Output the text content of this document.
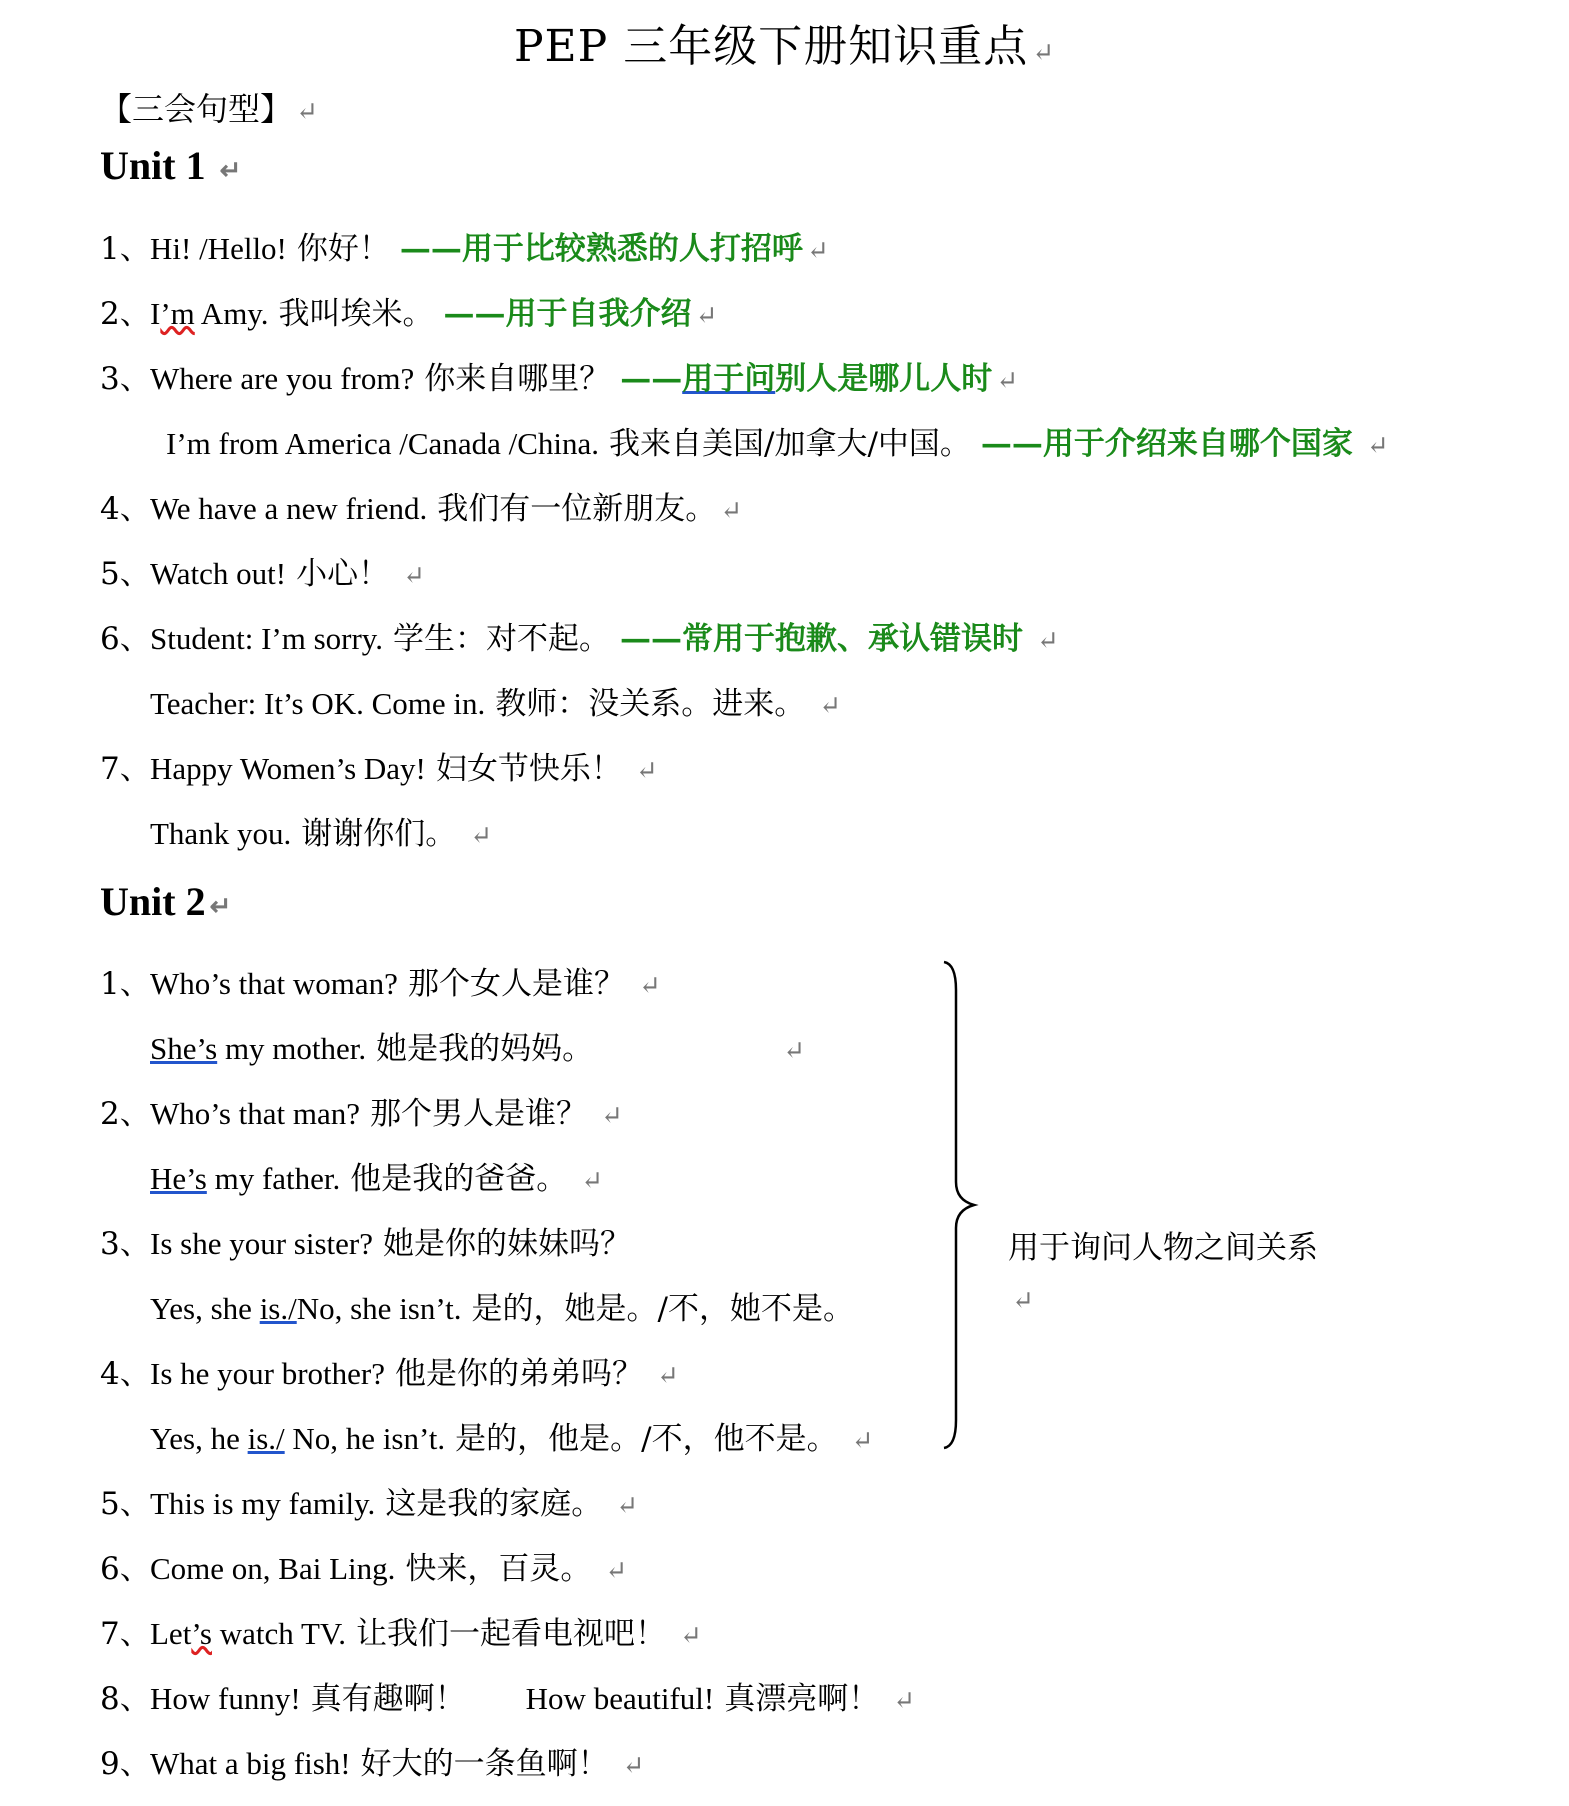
PEP 三年级下册知识重点 ↵
【三会句型】 ↵
Unit 1 ↵
1、Hi! /Hello! 你好！ ——用于比较熟悉的人打招呼 ↵
2、I’m Amy. 我叫埃米。 ——用于自我介绍 ↵
3、Where are you from? 你来自哪里？ ——用于问别人是哪儿人时 ↵
I’m from America /Canada /China. 我来自美国/加拿大/中国。 ——用于介绍来自哪个国家 ↵
4、We have a new friend. 我们有一位新朋友。 ↵
5、Watch out! 小心！ ↵
6、Student: I’m sorry. 学生：对不起。 ——常用于抱歉、承认错误时 ↵
Teacher: It’s OK. Come in. 教师：没关系。进来。 ↵
7、Happy Women’s Day! 妇女节快乐！ ↵
Thank you. 谢谢你们。 ↵
Unit 2 ↵
1、Who’s that woman? 那个女人是谁？ ↵
She’s my mother. 她是我的妈妈。	↵
2、Who’s that man? 那个男人是谁？ ↵
He’s my father. 他是我的爸爸。 ↵
3、Is she your sister? 她是你的妹妹吗？
Yes, she is./No, she isn’t. 是的，她是。/不，她不是。
4、Is he your brother? 他是你的弟弟吗？ ↵
Yes, he is./ No, he isn’t. 是的，他是。/不，他不是。 ↵
5、This is my family. 这是我的家庭。 ↵
6、Come on, Bai Ling. 快来，百灵。 ↵
7、Let’s watch TV. 让我们一起看电视吧！ ↵
8、How funny! 真有趣啊！ How beautiful! 真漂亮啊！ ↵
9、What a big fish! 好大的一条鱼啊！ ↵
用于询问人物之间关系
↵
